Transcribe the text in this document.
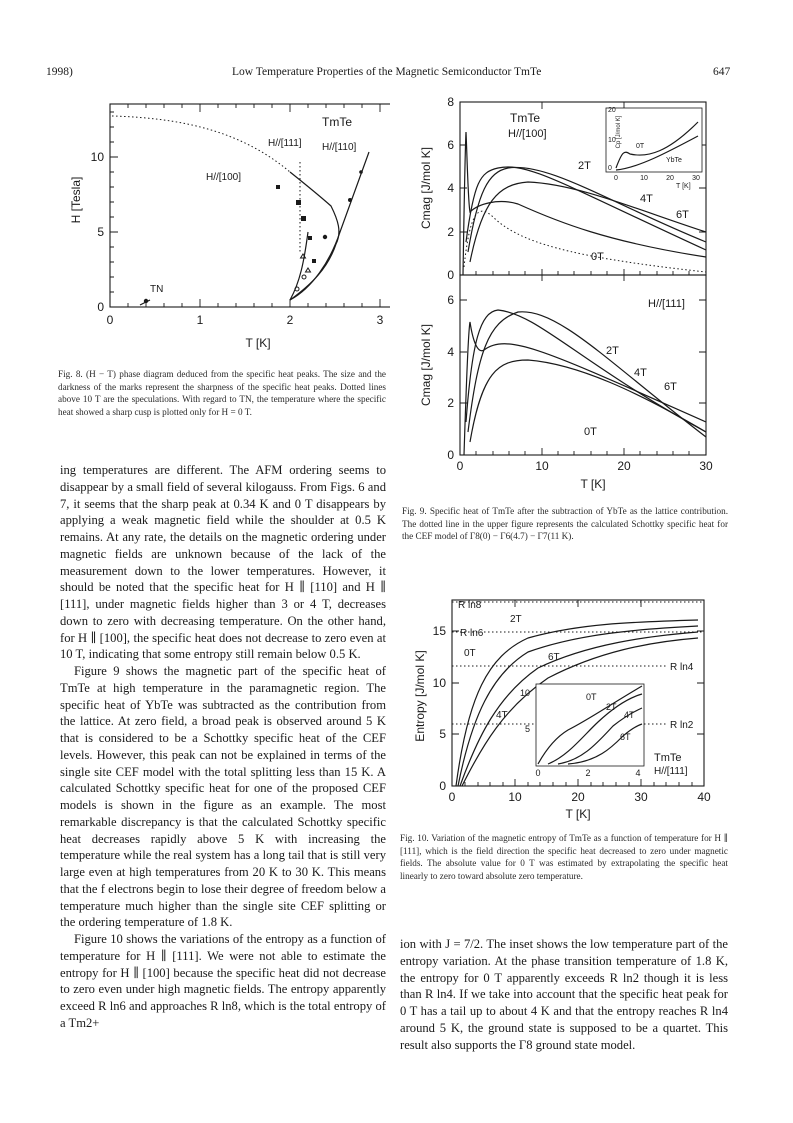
1998)	Low Temperature Properties of the Magnetic Semiconductor TmTe	647
0	1	2	3
0
5
10
T [K]
H [Tesla]
TmTe
H//[111] H//[110]
H//[100]
TN
Fig. 8. (H − T) phase diagram deduced from the specific heat peaks. The size and the darkness of the marks represent the sharpness of the specific heat peaks. Dotted lines above 10 T are the speculations. With regard to TN, the temperature where the specific heat showed a sharp cusp is plotted only for H = 0 T.
0
2
4
6
8
0
2
4
6
0	10	20	30
T [K]
Cmag [J/mol K]
Cmag [J/mol K]
TmTe
H//[100]
2T
4T
6T
0T
20
10
0
0	10	20	30
T [K]
Cp [J/mol K] 0T
YbTe
H//[111]
2T
4T
6T
0T
Fig. 9. Specific heat of TmTe after the subtraction of YbTe as the lattice contribution. The dotted line in the upper figure represents the calculated Schottky specific heat for the CEF model of Γ8(0) − Γ6(4.7) − Γ7(11 K).
0
5
10
15
0	10	20	30	40
T [K]
Entropy [J/mol K]
R ln8
R ln6
R ln4
R ln2
2T
0T	6T
4T
10
5
0	2	4
0T
2T
4T
6T
TmTe
H//[111]
Fig. 10. Variation of the magnetic entropy of TmTe as a function of temperature for H ∥ [111], which is the field direction the specific heat decreased to zero under magnetic fields. The absolute value for 0 T was estimated by extrapolating the specific heat linearly to zero toward absolute zero temperature.

ing temperatures are different. The AFM ordering seems to disappear by a small field of several kilogauss. From Figs. 6 and 7, it seems that the sharp peak at 0.34 K and 0 T disappears by applying a weak magnetic field while the shoulder at 0.5 K remains. At any rate, the details on the magnetic ordering under magnetic fields are unknown because of the lack of the measurement down to the lower temperatures. However, it should be noted that the specific heat for H ∥ [110] and H ∥ [111], under magnetic fields higher than 3 or 4 T, decreases down to zero with decreasing temperature. On the other hand, for H ∥ [100], the specific heat does not decrease to zero even at 10 T, indicating that some entropy still remain below 0.5 K.

Figure 9 shows the magnetic part of the specific heat of TmTe at high temperature in the paramagnetic region. The specific heat of YbTe was subtracted as the contribution from the lattice. At zero field, a broad peak is observed around 5 K that is considered to be a Schottky specific heat of the CEF levels. However, this peak can not be explained in terms of the single site CEF model with the total splitting less than 15 K. A calculated Schottky specific heat for one of the proposed CEF models is shown in the figure as an example. The most remarkable discrepancy is that the calculated Schottky specific heat decreases rapidly above 5 K with increasing the temperature while the real system has a long tail that is still very large even at high temperatures from 20 K to 30 K. This means that the f electrons begin to lose their degree of freedom below a temperature much higher than the single site CEF splitting or the ordering temperature of 1.8 K.

Figure 10 shows the variations of the entropy as a function of temperature for H ∥ [111]. We were not able to estimate the entropy for H ∥ [100] because the specific heat did not decrease to zero even under high magnetic fields. The entropy apparently exceed R ln6 and approaches R ln8, which is the total entropy of a Tm2+

ion with J = 7/2. The inset shows the low temperature part of the entropy variation. At the phase transition temperature of 1.8 K, the entropy for 0 T apparently exceeds R ln2 though it is less than R ln4. If we take into account that the specific heat peak for 0 T has a tail up to about 4 K and that the entropy reaches R ln4 around 5 K, the ground state is supposed to be a quartet. This result also supports the Γ8 ground state model.
